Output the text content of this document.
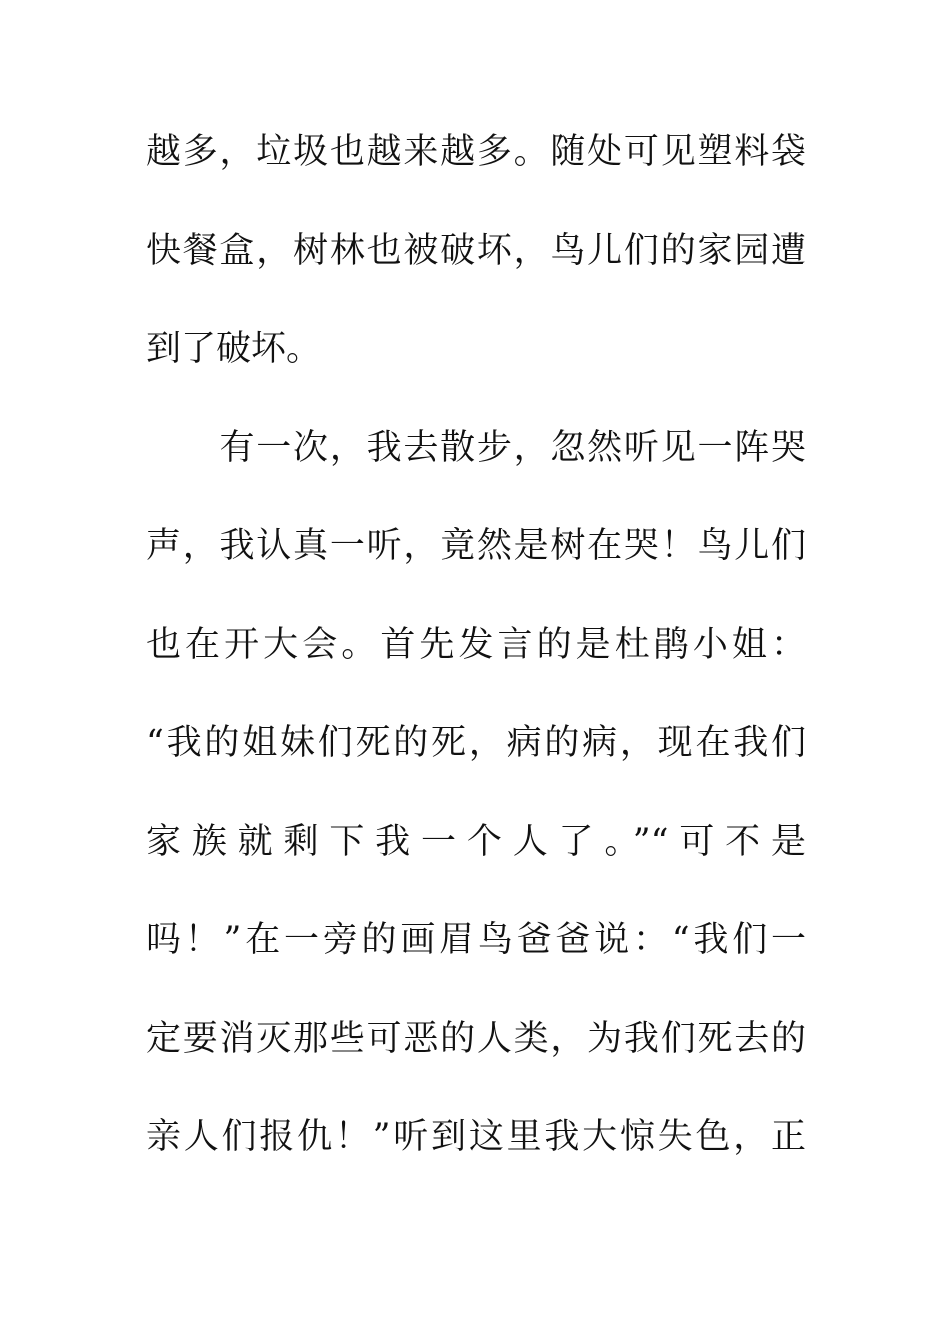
越多，垃圾也越来越多。随处可见塑料袋
快餐盒，树林也被破坏，鸟儿们的家园遭
到了破坏。
　　有一次，我去散步，忽然听见一阵哭
声，我认真一听，竟然是树在哭！鸟儿们
也在开大会。首先发言的是杜鹃小姐：
“我的姐妹们死的死，病的病，现在我们
家族就剩下我一个人了。”“可不是
吗！”在一旁的画眉鸟爸爸说：“我们一
定要消灭那些可恶的人类，为我们死去的
亲人们报仇！”听到这里我大惊失色，正
